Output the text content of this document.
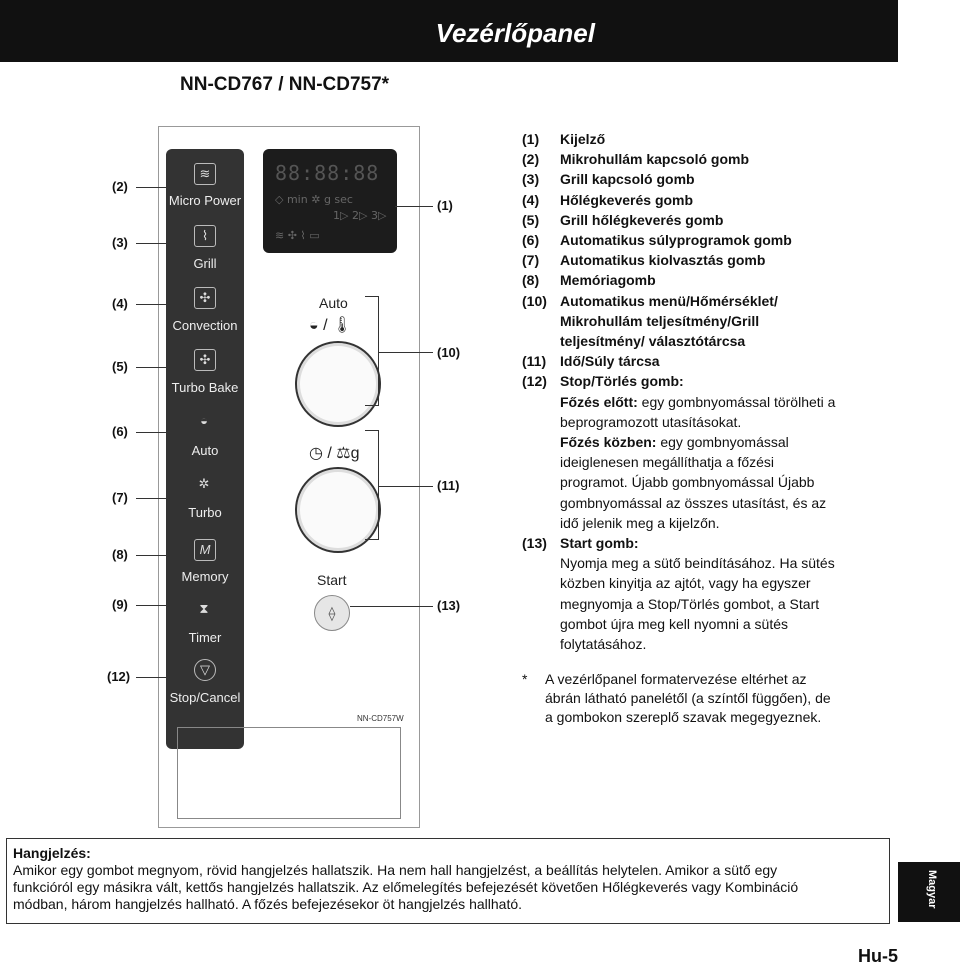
Vezérlőpanel
NN-CD767 / NN-CD757*
≋
Micro Power
⌇
Grill
✣
Convection
✣
Turbo Bake
◒
Auto
✲
Turbo
M
Memory
⧗
Timer
▽
Stop/Cancel
88:88:88
◇ min ✲ g sec
1▷ 2▷ 3▷
≋ ✣ ⌇ ▭
Auto
◒ / 🌡
◷ / ⚖g
Start
⟠
NN-CD757W
(2)
(3)
(4)
(5)
(6)
(7)
(8)
(9)
(12)
(1)
(10)
(11)
(13)
(1) Kijelző
(2) Mikrohullám kapcsoló gomb
(3) Grill kapcsoló gomb
(4) Hőlégkeverés gomb
(5) Grill hőlégkeverés gomb
(6) Automatikus súlyprogramok gomb
(7) Automatikus kiolvasztás gomb
(8) Memóriagomb
(10) Automatikus menü/Hőmérséklet/
Mikrohullám teljesítmény/Grill
teljesítmény/ választótárcsa
(11) Idő/Súly tárcsa
(12) Stop/Törlés gomb:
Főzés előtt: egy gombnyomással törölheti a
beprogramozott utasításokat.
Főzés közben: egy gombnyomással
ideiglenesen megállíthatja a főzési
programot. Újabb gombnyomással Újabb
gombnyomással az összes utasítást, és az
idő jelenik meg a kijelzőn.
(13) Start gomb:
Nyomja meg a sütő beindításához. Ha sütés
közben kinyitja az ajtót, vagy ha egyszer
megnyomja a Stop/Törlés gombot, a Start
gombot újra meg kell nyomni a sütés
folytatásához.
* A vezérlőpanel formatervezése eltérhet az
ábrán látható panelétől (a színtől függően), de
a gombokon szereplő szavak megegyeznek.
Hangjelzés:
Amikor egy gombot megnyom, rövid hangjelzés hallatszik. Ha nem hall hangjelzést, a beállítás helytelen. Amikor a sütő egy
funkcióról egy másikra vált, kettős hangjelzés hallatszik. Az előmelegítés befejezését követően Hőlégkeverés vagy Kombináció
módban, három hangjelzés hallható. A főzés befejezésekor öt hangjelzés hallható.	Magyar
Hu-5
